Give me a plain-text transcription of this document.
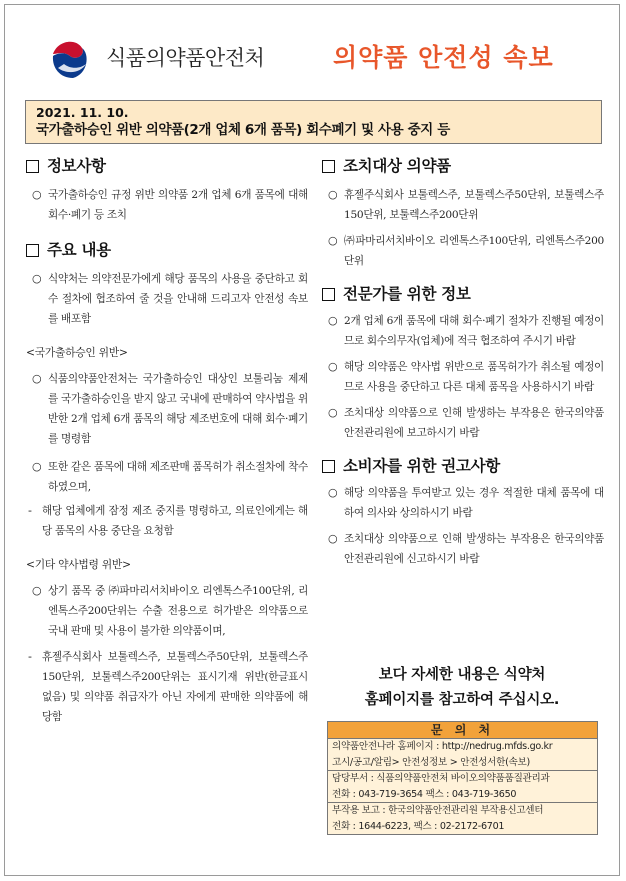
식품의약품안전처	의약품 안전성 속보
2021. 11. 10.
국가출하승인 위반 의약품(2개 업체 6개 품목) 회수폐기 및 사용 중지 등
정보사항
○ 국가출하승인 규정 위반 의약품 2개 업체 6개 품목에 대해 회수·폐기 등 조치
주요 내용
○ 식약처는 의약전문가에게 해당 품목의 사용을 중단하고 회수 절차에 협조하여 줄 것을 안내해 드리고자 안전성 속보를 배포함
<국가출하승인 위반>
○ 식품의약품안전처는 국가출하승인 대상인 보툴리눔 제제를 국가출하승인을 받지 않고 국내에 판매하여 약사법을 위반한 2개 업체 6개 품목의 해당 제조번호에 대해 회수·폐기를 명령함
○ 또한 같은 품목에 대해 제조판매 품목허가 취소절차에 착수하였으며,
- 해당 업체에게 잠정 제조 중지를 명령하고, 의료인에게는 해당 품목의 사용 중단을 요청함
<기타 약사법령 위반>
○ 상기 품목 중 ㈜파마리서치바이오 리엔톡스주100단위, 리엔톡스주200단위는 수출 전용으로 허가받은 의약품으로 국내 판매 및 사용이 불가한 의약품이며,
- 휴젤주식회사 보툴렉스주, 보툴렉스주50단위, 보툴렉스주150단위, 보툴렉스주200단위는 표시기재 위반(한글표시 없음) 및 의약품 취급자가 아닌 자에게 판매한 의약품에 해당함
조치대상 의약품
○ 휴젤주식회사 보툴렉스주, 보툴렉스주50단위, 보툴렉스주150단위, 보툴렉스주200단위
○ ㈜파마리서치바이오 리엔톡스주100단위, 리엔톡스주200단위
전문가를 위한 정보
○ 2개 업체 6개 품목에 대해 회수·폐기 절차가 진행될 예정이므로 회수의무자(업체)에 적극 협조하여 주시기 바람
○ 해당 의약품은 약사법 위반으로 품목허가가 취소될 예정이므로 사용을 중단하고 다른 대체 품목을 사용하시기 바람
○ 조치대상 의약품으로 인해 발생하는 부작용은 한국의약품안전관리원에 보고하시기 바람
소비자를 위한 권고사항
○ 해당 의약품을 투여받고 있는 경우 적절한 대체 품목에 대하여 의사와 상의하시기 바람
○ 조치대상 의약품으로 인해 발생하는 부작용은 한국의약품안전관리원에 신고하시기 바람
보다 자세한 내용은 식약처
홈페이지를 참고하여 주십시오.
문 의 처
의약품안전나라 홈페이지 : http://nedrug.mfds.go.kr
고시/공고/알림> 안전성정보 > 안전성서한(속보)
담당부서 : 식품의약품안전처 바이오의약품품질관리과
전화 : 043-719-3654 팩스 : 043-719-3650
부작용 보고 : 한국의약품안전관리원 부작용신고센터
전화 : 1644-6223, 팩스 : 02-2172-6701
